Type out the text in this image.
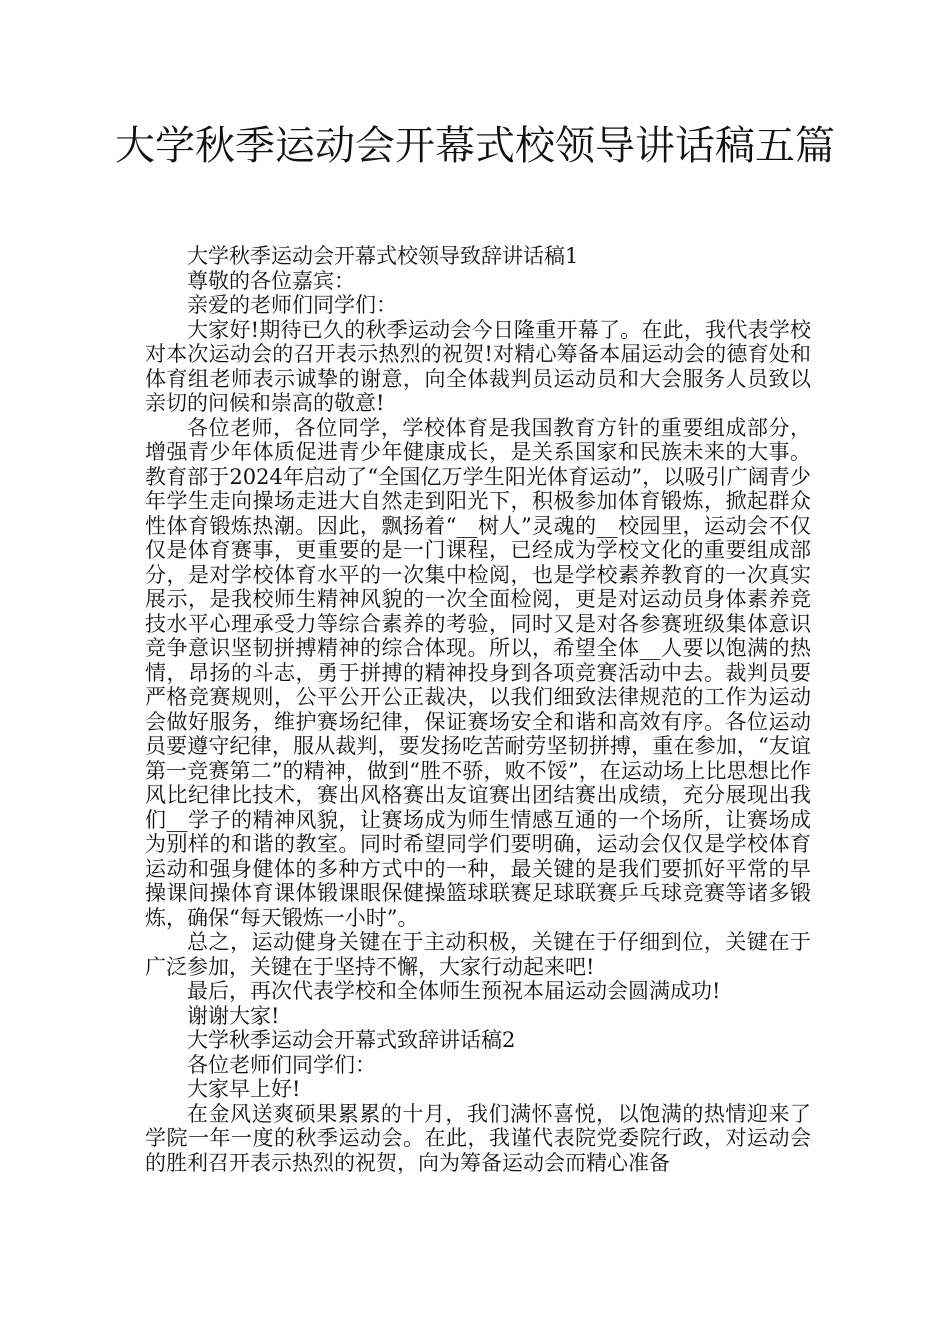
大学秋季运动会开幕式校领导讲话稿五篇

大学秋季运动会开幕式校领导致辞讲话稿1

尊敬的各位嘉宾：

亲爱的老师们同学们：

大家好!期待已久的秋季运动会今日隆重开幕了。在此，我代表学校对本次运动会的召开表示热烈的祝贺!对精心筹备本届运动会的德育处和体育组老师表示诚挚的谢意，向全体裁判员运动员和大会服务人员致以亲切的问候和崇高的敬意!

各位老师，各位同学，学校体育是我国教育方针的重要组成部分，增强青少年体质促进青少年健康成长，是关系国家和民族未来的大事。教育部于2024年启动了“全国亿万学生阳光体育运动”，以吸引广阔青少年学生走向操场走进大自然走到阳光下，积极参加体育锻炼，掀起群众性体育锻炼热潮。因此，飘扬着“__树人”灵魂的__校园里，运动会不仅仅是体育赛事，更重要的是一门课程，已经成为学校文化的重要组成部分，是对学校体育水平的一次集中检阅，也是学校素养教育的一次真实展示，是我校师生精神风貌的一次全面检阅，更是对运动员身体素养竞技水平心理承受力等综合素养的考验，同时又是对各参赛班级集体意识竞争意识坚韧拼搏精神的综合体现。所以，希望全体__人要以饱满的热情，昂扬的斗志，勇于拼搏的精神投身到各项竞赛活动中去。裁判员要严格竞赛规则，公平公开公正裁决，以我们细致法律规范的工作为运动会做好服务，维护赛场纪律，保证赛场安全和谐和高效有序。各位运动员要遵守纪律，服从裁判，要发扬吃苦耐劳坚韧拼搏，重在参加，“友谊第一竞赛第二”的精神，做到“胜不骄，败不馁”，在运动场上比思想比作风比纪律比技术，赛出风格赛出友谊赛出团结赛出成绩，充分展现出我们__学子的精神风貌，让赛场成为师生情感互通的一个场所，让赛场成为别样的和谐的教室。同时希望同学们要明确，运动会仅仅是学校体育运动和强身健体的多种方式中的一种，最关键的是我们要抓好平常的早操课间操体育课体锻课眼保健操篮球联赛足球联赛乒乓球竞赛等诸多锻炼，确保“每天锻炼一小时”。

总之，运动健身关键在于主动积极，关键在于仔细到位，关键在于广泛参加，关键在于坚持不懈，大家行动起来吧!

最后，再次代表学校和全体师生预祝本届运动会圆满成功!

谢谢大家!

大学秋季运动会开幕式致辞讲话稿2

各位老师们同学们：

大家早上好!

在金风送爽硕果累累的十月，我们满怀喜悦，以饱满的热情迎来了学院一年一度的秋季运动会。在此，我谨代表院党委院行政，对运动会的胜利召开表示热烈的祝贺，向为筹备运动会而精心准备
